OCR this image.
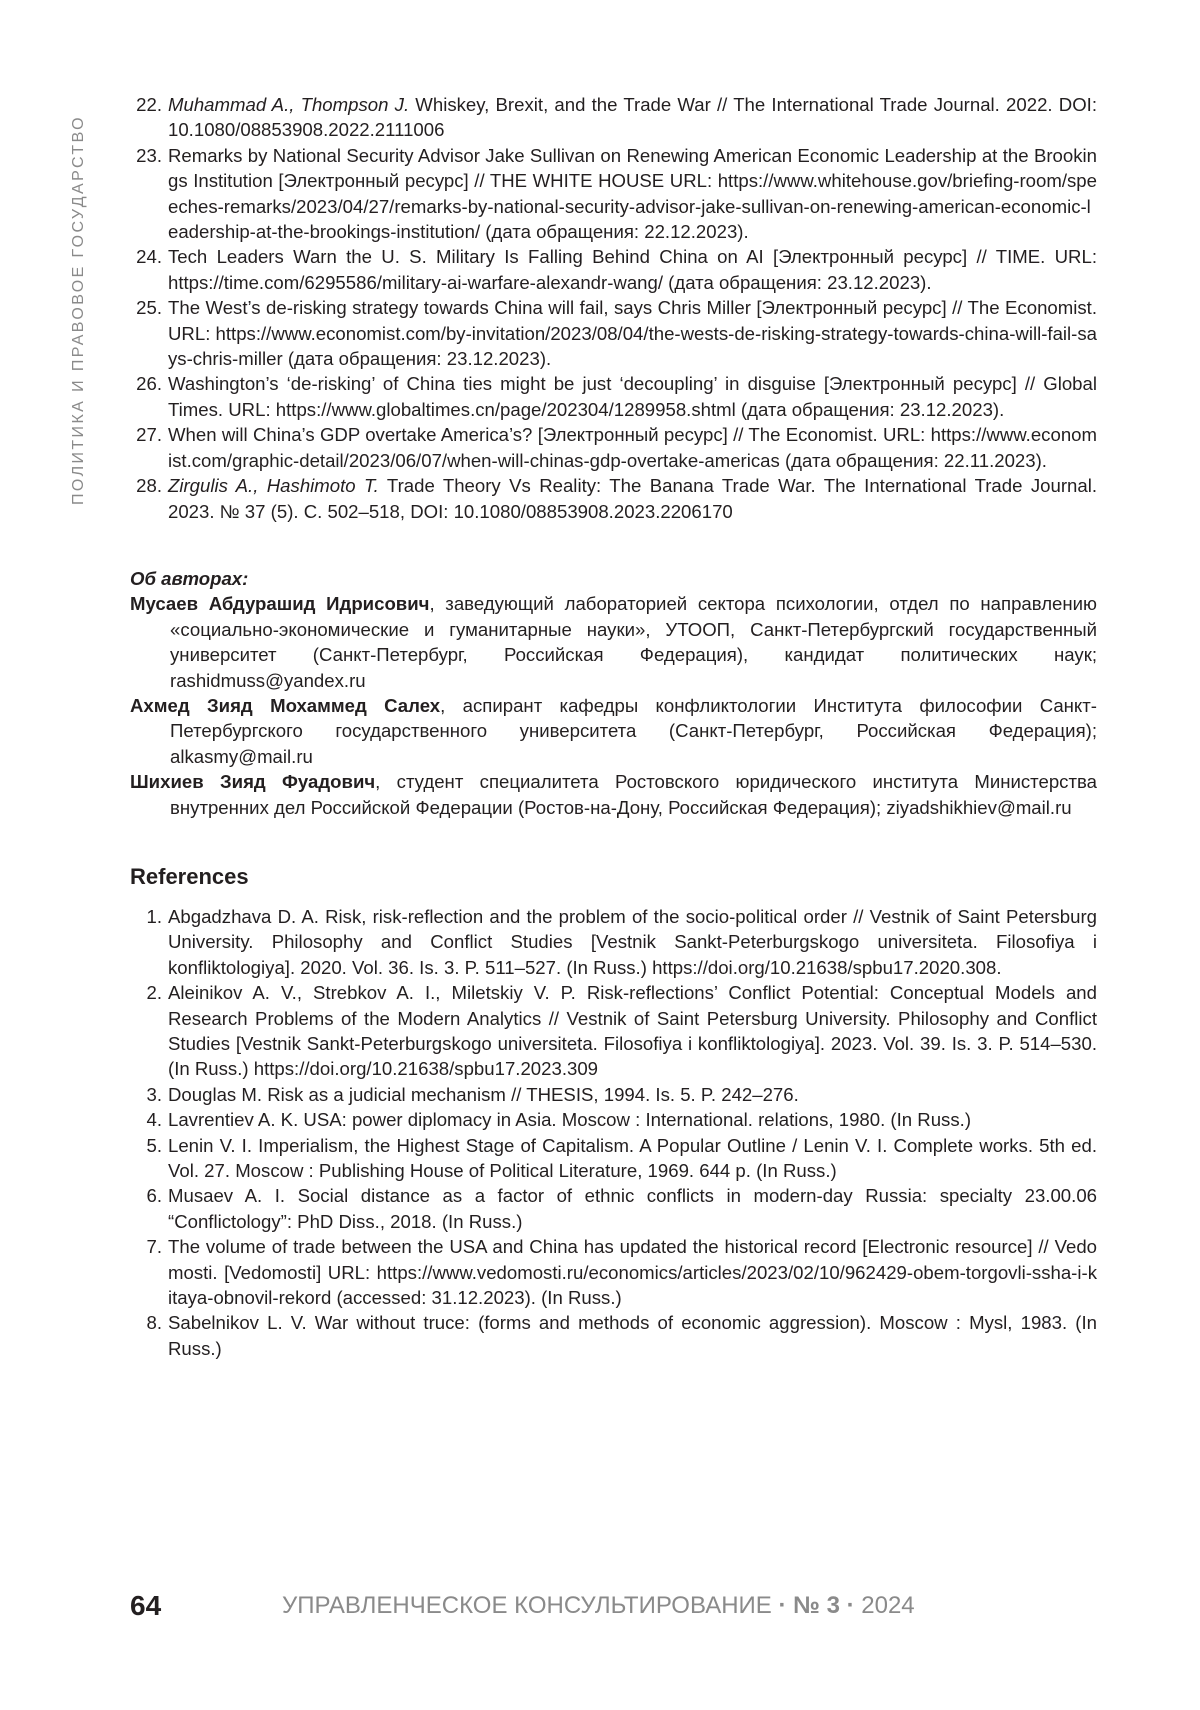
ПОЛИТИКА И ПРАВОВОЕ ГОСУДАРСТВО
22. Muhammad A., Thompson J. Whiskey, Brexit, and the Trade War // The International Trade Journal. 2022. DOI: 10.1080/08853908.2022.2111006
23. Remarks by National Security Advisor Jake Sullivan on Renewing American Economic Leadership at the Brookings Institution [Электронный ресурс] // THE WHITE HOUSE URL: https://www.whitehouse.gov/briefing-room/speeches-remarks/2023/04/27/remarks-by-national-security-advisor-jake-sullivan-on-renewing-american-economic-leadership-at-the-brookings-institution/ (дата обращения: 22.12.2023).
24. Tech Leaders Warn the U. S. Military Is Falling Behind China on AI [Электронный ресурс] // TIME. URL: https://time.com/6295586/military-ai-warfare-alexandr-wang/ (дата обращения: 23.12.2023).
25. The West’s de-risking strategy towards China will fail, says Chris Miller [Электронный ресурс] // The Economist. URL: https://www.economist.com/by-invitation/2023/08/04/the-wests-de-risking-strategy-towards-china-will-fail-says-chris-miller (дата обращения: 23.12.2023).
26. Washington’s ‘de-risking’ of China ties might be just ‘decoupling’ in disguise [Электронный ресурс] // Global Times. URL: https://www.globaltimes.cn/page/202304/1289958.shtml (дата обращения: 23.12.2023).
27. When will China’s GDP overtake America’s? [Электронный ресурс] // The Economist. URL: https://www.economist.com/graphic-detail/2023/06/07/when-will-chinas-gdp-overtake-americas (дата обращения: 22.11.2023).
28. Zirgulis A., Hashimoto T. Trade Theory Vs Reality: The Banana Trade War. The International Trade Journal. 2023. № 37 (5). С. 502–518, DOI: 10.1080/08853908.2023.2206170
Об авторах:
Мусаев Абдурашид Идрисович, заведующий лабораторией сектора психологии, отдел по направлению «социально-экономические и гуманитарные науки», УТООП, Санкт-Петербургский государственный университет (Санкт-Петербург, Российская Федерация), кандидат политических наук; rashidmuss@yandex.ru
Ахмед Зияд Мохаммед Салех, аспирант кафедры конфликтологии Института философии Санкт-Петербургского государственного университета (Санкт-Петербург, Российская Федерация); alkasmy@mail.ru
Шихиев Зияд Фуадович, студент специалитета Ростовского юридического института Министерства внутренних дел Российской Федерации (Ростов-на-Дону, Российская Федерация); ziyadshikhiev@mail.ru
References
1. Abgadzhava D. A. Risk, risk-reflection and the problem of the socio-political order // Vestnik of Saint Petersburg University. Philosophy and Conflict Studies [Vestnik Sankt-Peterburgskogo universiteta. Filosofiya i konfliktologiya]. 2020. Vol. 36. Is. 3. P. 511–527. (In Russ.) https://doi.org/10.21638/spbu17.2020.308.
2. Aleinikov A. V., Strebkov A. I., Miletskiy V. P. Risk-reflections’ Conflict Potential: Conceptual Models and Research Problems of the Modern Analytics // Vestnik of Saint Petersburg University. Philosophy and Conflict Studies [Vestnik Sankt-Peterburgskogo universiteta. Filosofiya i konfliktologiya]. 2023. Vol. 39. Is. 3. P. 514–530. (In Russ.) https://doi.org/10.21638/spbu17.2023.309
3. Douglas M. Risk as a judicial mechanism // THESIS, 1994. Is. 5. P. 242–276.
4. Lavrentiev A. K. USA: power diplomacy in Asia. Moscow : International. relations, 1980. (In Russ.)
5. Lenin V. I. Imperialism, the Highest Stage of Capitalism. A Popular Outline / Lenin V. I. Complete works. 5th ed. Vol. 27. Moscow : Publishing House of Political Literature, 1969. 644 p. (In Russ.)
6. Musaev A. I. Social distance as a factor of ethnic conflicts in modern-day Russia: specialty 23.00.06 “Conflictology”: PhD Diss., 2018. (In Russ.)
7. The volume of trade between the USA and China has updated the historical record [Electronic resource] // Vedomosti. [Vedomosti] URL: https://www.vedomosti.ru/economics/articles/2023/02/10/962429-obem-torgovli-ssha-i-kitaya-obnovil-rekord (accessed: 31.12.2023). (In Russ.)
8. Sabelnikov L. V. War without truce: (forms and methods of economic aggression). Moscow : Mysl, 1983. (In Russ.)
64	УПРАВЛЕНЧЕСКОЕ КОНСУЛЬТИРОВАНИЕ · № 3 · 2024
